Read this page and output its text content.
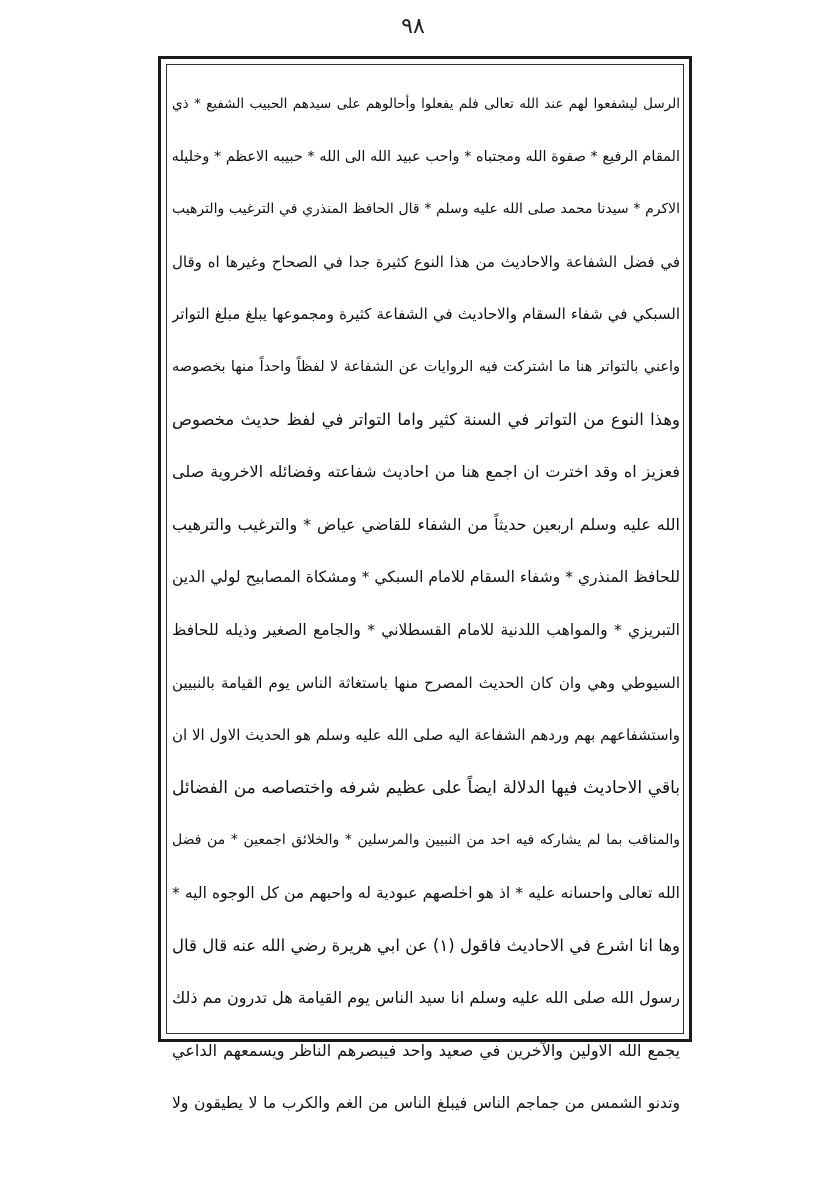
٩٨
الرسل ليشفعوا لهم عند الله تعالى فلم يفعلوا وأحالوهم على سيدهم الحبيب الشفيع * ذي
المقام الرفيع * صفوة الله ومجتباه * واحب عبيد الله الى الله * حبيبه الاعظم * وخليله
الاكرم * سيدنا محمد صلى الله عليه وسلم * قال الحافظ المنذري في الترغيب والترهيب
في فضل الشفاعة والاحاديث من هذا النوع كثيرة جدا في الصحاح وغيرها اه وقال
السبكي في شفاء السقام والاحاديث في الشفاعة كثيرة ومجموعها يبلغ مبلغ التواتر
واعني بالتواتر هنا ما اشتركت فيه الروايات عن الشفاعة لا لفظاً واحداً منها بخصوصه
وهذا النوع من التواتر في السنة كثير واما التواتر في لفظ حديث مخصوص
فعزيز اه وقد اخترت ان اجمع هنا من احاديث شفاعته وفضائله الاخروية صلى
الله عليه وسلم اربعين حديثاً من الشفاء للقاضي عياض * والترغيب والترهيب
للحافظ المنذري * وشفاء السقام للامام السبكي * ومشكاة المصابيح لولي الدين
التبريزي * والمواهب اللدنية للامام القسطلاني * والجامع الصغير وذيله للحافظ
السيوطي وهي وان كان الحديث المصرح منها باستغاثة الناس يوم القيامة بالنبيين
واستشفاعهم بهم وردهم الشفاعة اليه صلى الله عليه وسلم هو الحديث الاول الا ان
باقي الاحاديث فيها الدلالة ايضاً على عظيم شرفه واختصاصه من الفضائل
والمناقب بما لم يشاركه فيه احد من النبيين والمرسلين * والخلائق اجمعين * من فضل
الله تعالى واحسانه عليه * اذ هو اخلصهم عبودية له واحبهم من كل الوجوه اليه *
وها انا اشرع في الاحاديث فاقول (١) عن ابي هريرة رضي الله عنه قال قال
رسول الله صلى الله عليه وسلم انا سيد الناس يوم القيامة هل تدرون مم ذلك
يجمع الله الاولين والآخرين في صعيد واحد فيبصرهم الناظر ويسمعهم الداعي
وتدنو الشمس من جماجم الناس فيبلغ الناس من الغم والكرب ما لا يطيقون ولا
